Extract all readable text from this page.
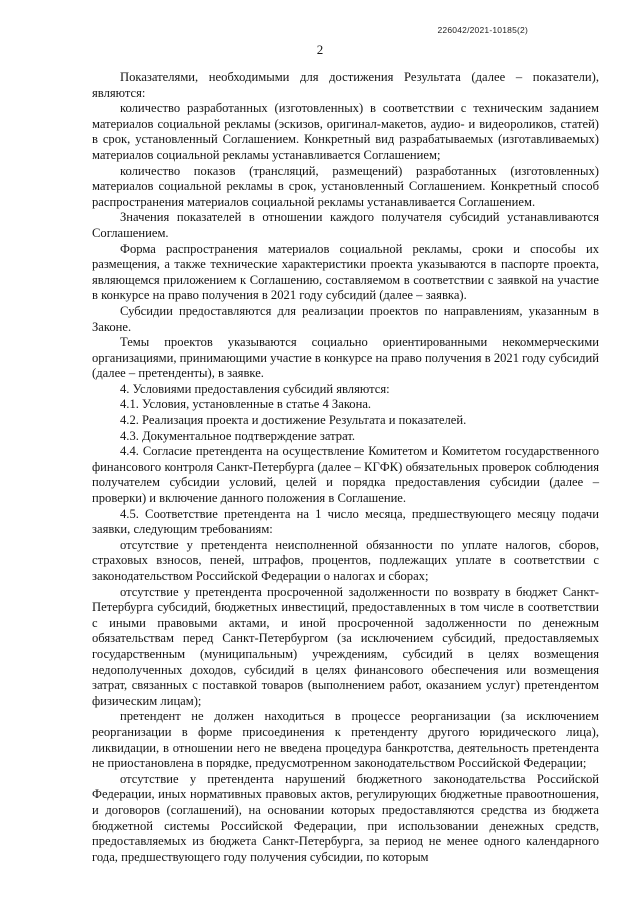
226042/2021-10185(2)
2

Показателями, необходимыми для достижения Результата (далее – показатели), являются:

количество разработанных (изготовленных) в соответствии с техническим заданием материалов социальной рекламы (эскизов, оригинал-макетов, аудио- и видеороликов, статей) в срок, установленный Соглашением. Конкретный вид разрабатываемых (изготавливаемых) материалов социальной рекламы устанавливается Соглашением;

количество показов (трансляций, размещений) разработанных (изготовленных) материалов социальной рекламы в срок, установленный Соглашением. Конкретный способ распространения материалов социальной рекламы устанавливается Соглашением.

Значения показателей в отношении каждого получателя субсидий устанавливаются Соглашением.

Форма распространения материалов социальной рекламы, сроки и способы их размещения, а также технические характеристики проекта указываются в паспорте проекта, являющемся приложением к Соглашению, составляемом в соответствии с заявкой на участие в конкурсе на право получения в 2021 году субсидий (далее – заявка).

Субсидии предоставляются для реализации проектов по направлениям, указанным в Законе.

Темы проектов указываются социально ориентированными некоммерческими организациями, принимающими участие в конкурсе на право получения в 2021 году субсидий (далее – претенденты), в заявке.

4. Условиями предоставления субсидий являются:

4.1. Условия, установленные в статье 4 Закона.

4.2. Реализация проекта и достижение Результата и показателей.

4.3. Документальное подтверждение затрат.

4.4. Согласие претендента на осуществление Комитетом и Комитетом государственного финансового контроля Санкт-Петербурга (далее – КГФК) обязательных проверок соблюдения получателем субсидии условий, целей и порядка предоставления субсидии (далее – проверки) и включение данного положения в Соглашение.

4.5. Соответствие претендента на 1 число месяца, предшествующего месяцу подачи заявки, следующим требованиям:

отсутствие у претендента неисполненной обязанности по уплате налогов, сборов, страховых взносов, пеней, штрафов, процентов, подлежащих уплате в соответствии с законодательством Российской Федерации о налогах и сборах;

отсутствие у претендента просроченной задолженности по возврату в бюджет Санкт-Петербурга субсидий, бюджетных инвестиций, предоставленных в том числе в соответствии с иными правовыми актами, и иной просроченной задолженности по денежным обязательствам перед Санкт-Петербургом (за исключением субсидий, предоставляемых государственным (муниципальным) учреждениям, субсидий в целях возмещения недополученных доходов, субсидий в целях финансового обеспечения или возмещения затрат, связанных с поставкой товаров (выполнением работ, оказанием услуг) претендентом физическим лицам);

претендент не должен находиться в процессе реорганизации (за исключением реорганизации в форме присоединения к претенденту другого юридического лица), ликвидации, в отношении него не введена процедура банкротства, деятельность претендента не приостановлена в порядке, предусмотренном законодательством Российской Федерации;

отсутствие у претендента нарушений бюджетного законодательства Российской Федерации, иных нормативных правовых актов, регулирующих бюджетные правоотношения, и договоров (соглашений), на основании которых предоставляются средства из бюджета бюджетной системы Российской Федерации, при использовании денежных средств, предоставляемых из бюджета Санкт-Петербурга, за период не менее одного календарного года, предшествующего году получения субсидии, по которым
